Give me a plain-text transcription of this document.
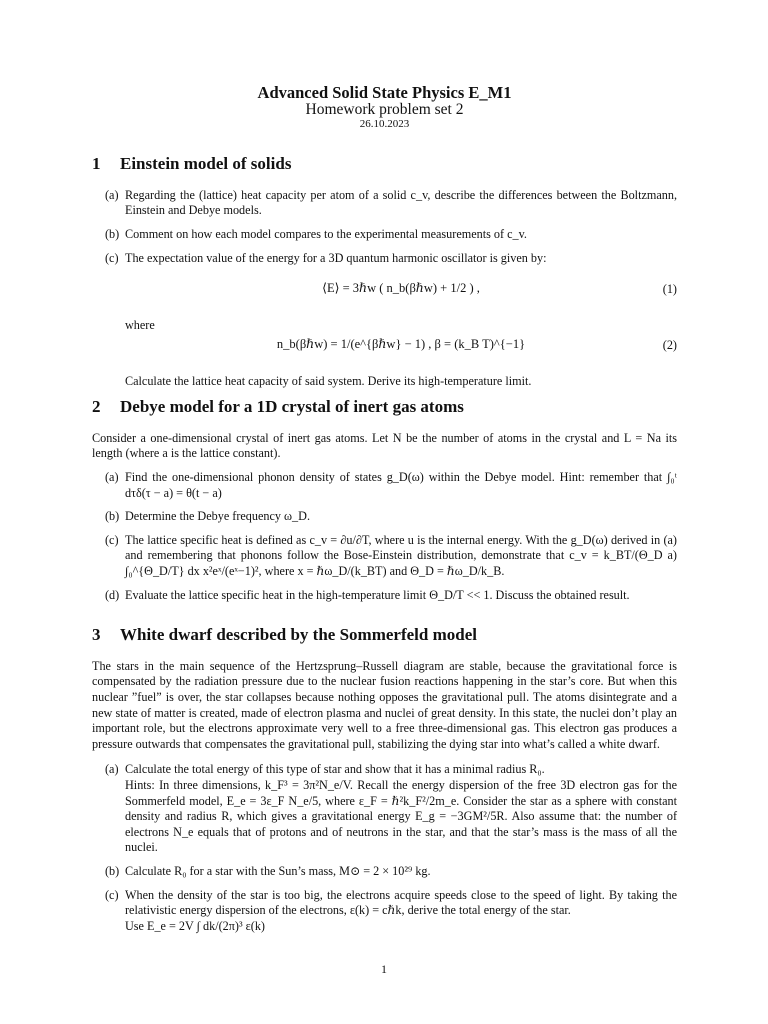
Advanced Solid State Physics E_M1
Homework problem set 2
26.10.2023
1 Einstein model of solids
(a) Regarding the (lattice) heat capacity per atom of a solid c_v, describe the differences between the Boltzmann, Einstein and Debye models.
(b) Comment on how each model compares to the experimental measurements of c_v.
(c) The expectation value of the energy for a 3D quantum harmonic oscillator is given by:
⟨E⟩ = 3ℏw ( n_b(βℏw) + 1/2 ) ,	(1)
where
n_b(βℏw) = 1/(e^{βℏw} − 1) , β = (k_B T)^{−1}	(2)
Calculate the lattice heat capacity of said system. Derive its high-temperature limit.
2 Debye model for a 1D crystal of inert gas atoms

Consider a one-dimensional crystal of inert gas atoms. Let N be the number of atoms in the crystal and L = Na its length (where a is the lattice constant).

(a) Find the one-dimensional phonon density of states g_D(ω) within the Debye model. Hint: remember that ∫₀ᵗ dτδ(τ − a) = θ(t − a)
(b) Determine the Debye frequency ω_D.
(c) The lattice specific heat is defined as c_v = ∂u/∂T, where u is the internal energy. With the g_D(ω) derived in (a) and remembering that phonons follow the Bose-Einstein distribution, demonstrate that c_v = k_BT/(Θ_D a) ∫₀^{Θ_D/T} dx x²eˣ/(eˣ−1)², where x = ℏω_D/(k_BT) and Θ_D = ℏω_D/k_B.
(d) Evaluate the lattice specific heat in the high-temperature limit Θ_D/T << 1. Discuss the obtained result.
3 White dwarf described by the Sommerfeld model

The stars in the main sequence of the Hertzsprung–Russell diagram are stable, because the gravitational force is compensated by the radiation pressure due to the nuclear fusion reactions happening in the star’s core. But when this nuclear ”fuel” is over, the star collapses because nothing opposes the gravitational pull. The atoms disintegrate and a new state of matter is created, made of electron plasma and nuclei of great density. In this state, the nuclei don’t play an important role, but the electrons approximate very well to a free three-dimensional gas. This electron gas produces a pressure outwards that compensates the gravitational pull, stabilizing the dying star into what’s called a white dwarf.

(a) Calculate the total energy of this type of star and show that it has a minimal radius R₀.
Hints: In three dimensions, k_F³ = 3π²N_e/V. Recall the energy dispersion of the free 3D electron gas for the Sommerfeld model, E_e = 3ε_F N_e/5, where ε_F = ℏ²k_F²/2m_e. Consider the star as a sphere with constant density and radius R, which gives a gravitational energy E_g = −3GM²/5R. Also assume that: the number of electrons N_e equals that of protons and of neutrons in the star, and that the star’s mass is the mass of all the nuclei.
(b) Calculate R₀ for a star with the Sun’s mass, M⊙ = 2 × 10²⁹ kg.
(c) When the density of the star is too big, the electrons acquire speeds close to the speed of light. By taking the relativistic energy dispersion of the electrons, ε(k) = cℏk, derive the total energy of the star.
Use E_e = 2V ∫ dk/(2π)³ ε(k)
1
